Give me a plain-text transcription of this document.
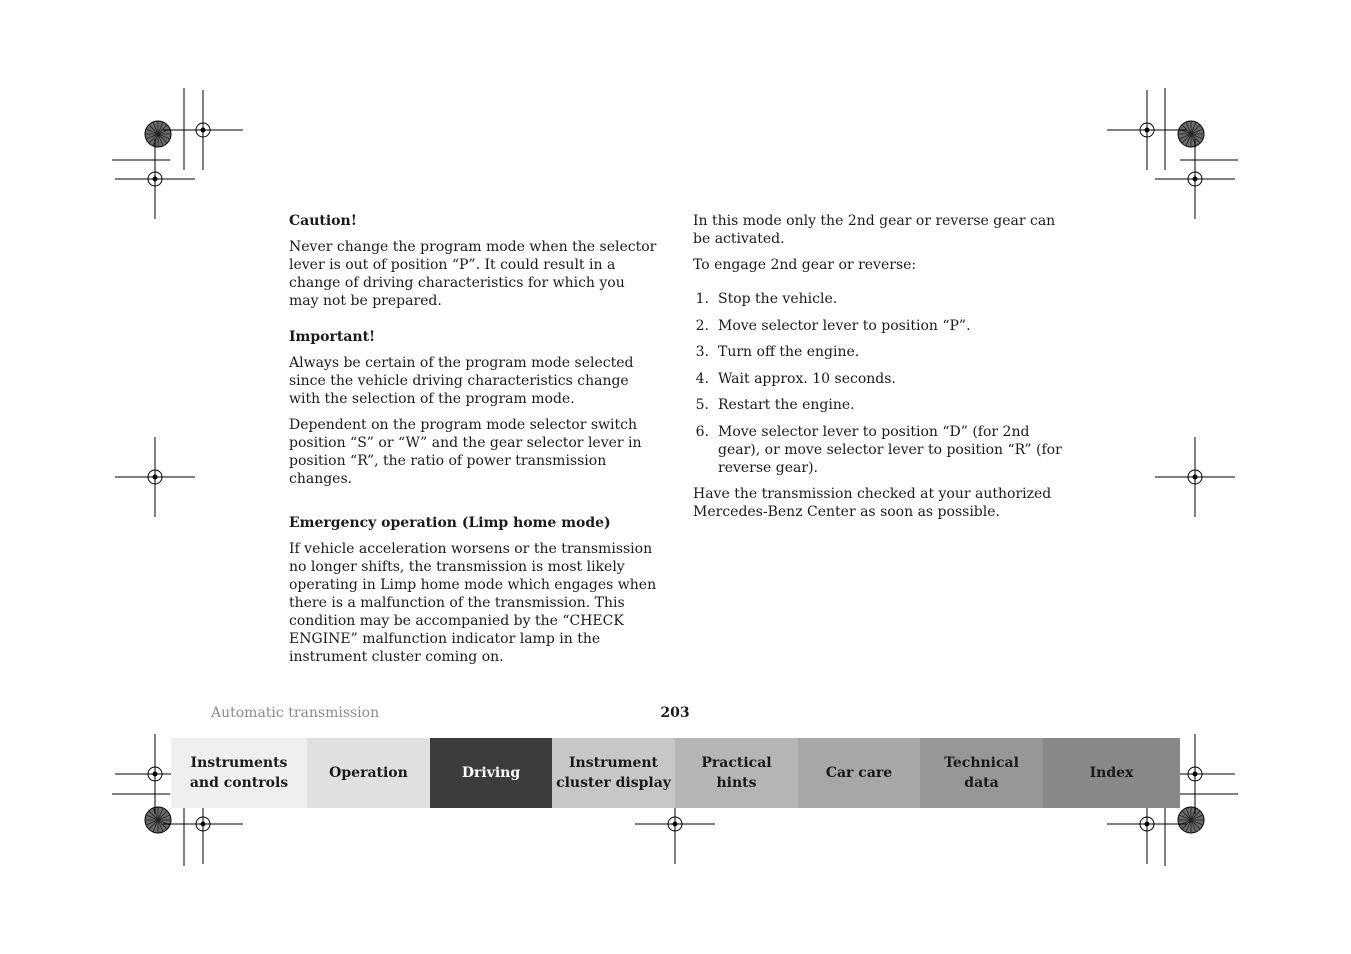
Caution!

Never change the program mode when the selector lever is out of position “P”. It could result in a change of driving characteristics for which you may not be prepared.

Important!

Always be certain of the program mode selected since the vehicle driving characteristics change with the selection of the program mode.

Dependent on the program mode selector switch position “S” or “W” and the gear selector lever in position “R”, the ratio of power transmission changes.

Emergency operation (Limp home mode)

If vehicle acceleration worsens or the transmission no longer shifts, the transmission is most likely operating in Limp home mode which engages when there is a malfunction of the transmission. This condition may be accompanied by the “CHECK ENGINE” malfunction indicator lamp in the instrument cluster coming on.

In this mode only the 2nd gear or reverse gear can be activated.

To engage 2nd gear or reverse:

1. Stop the vehicle.
2. Move selector lever to position “P”.
3. Turn off the engine.
4. Wait approx. 10 seconds.
5. Restart the engine.
6. Move selector lever to position “D” (for 2nd gear), or move selector lever to position “R” (for reverse gear).

Have the transmission checked at your authorized Mercedes-Benz Center as soon as possible.

Automatic transmission	203
Instruments
and controls
Operation	Driving
Instrument
cluster display
Practical hints
Car care
Technical
data
Index
